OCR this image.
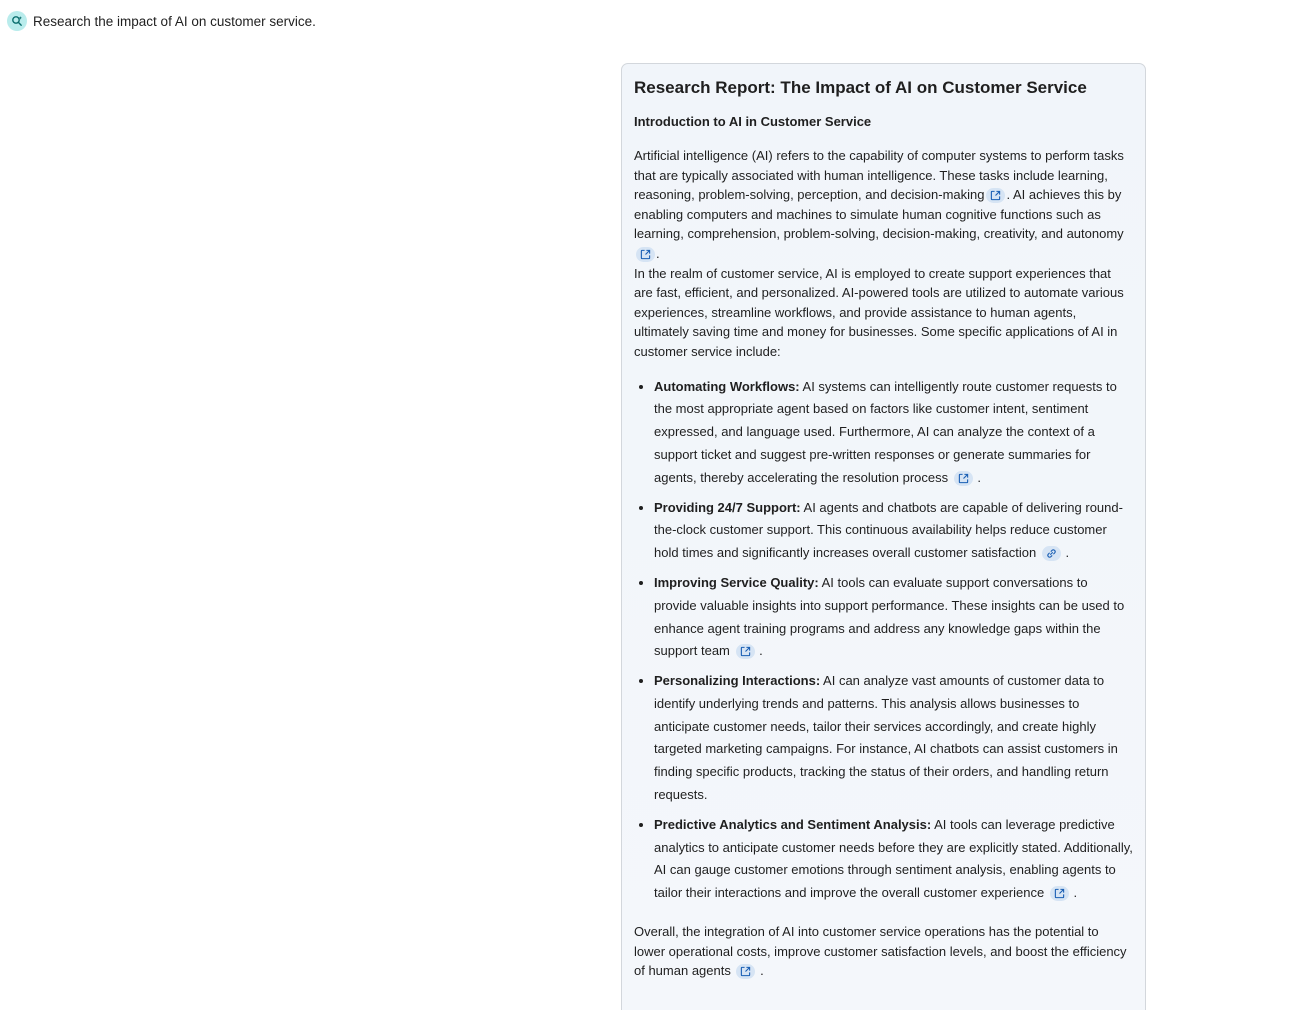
Research the impact of AI on customer service.
Research Report: The Impact of AI on Customer Service
Introduction to AI in Customer Service

Artificial intelligence (AI) refers to the capability of computer systems to perform tasks that are typically associated with human intelligence. These tasks include learning, reasoning, problem-solving, perception, and decision-making . AI achieves this by enabling computers and machines to simulate human cognitive functions such as learning, comprehension, problem-solving, decision-making, creativity, and autonomy
.

In the realm of customer service, AI is employed to create support experiences that are fast, efficient, and personalized. AI-powered tools are utilized to automate various experiences, streamline workflows, and provide assistance to human agents, ultimately saving time and money for businesses. Some specific applications of AI in customer service include:

Automating Workflows: AI systems can intelligently route customer requests to the most appropriate agent based on factors like customer intent, sentiment expressed, and language used. Furthermore, AI can analyze the context of a support ticket and suggest pre-written responses or generate summaries for agents, thereby accelerating the resolution process
.
Providing 24/7 Support: AI agents and chatbots are capable of delivering round-the-clock customer support. This continuous availability helps reduce customer hold times and significantly increases overall customer satisfaction
.
Improving Service Quality: AI tools can evaluate support conversations to provide valuable insights into support performance. These insights can be used to enhance agent training programs and address any knowledge gaps within the support team
.
Personalizing Interactions: AI can analyze vast amounts of customer data to identify underlying trends and patterns. This analysis allows businesses to anticipate customer needs, tailor their services accordingly, and create highly targeted marketing campaigns. For instance, AI chatbots can assist customers in finding specific products, tracking the status of their orders, and handling return requests.
Predictive Analytics and Sentiment Analysis: AI tools can leverage predictive analytics to anticipate customer needs before they are explicitly stated. Additionally, AI can gauge customer emotions through sentiment analysis, enabling agents to tailor their interactions and improve the overall customer experience
.

Overall, the integration of AI into customer service operations has the potential to lower operational costs, improve customer satisfaction levels, and boost the efficiency of human agents
.
